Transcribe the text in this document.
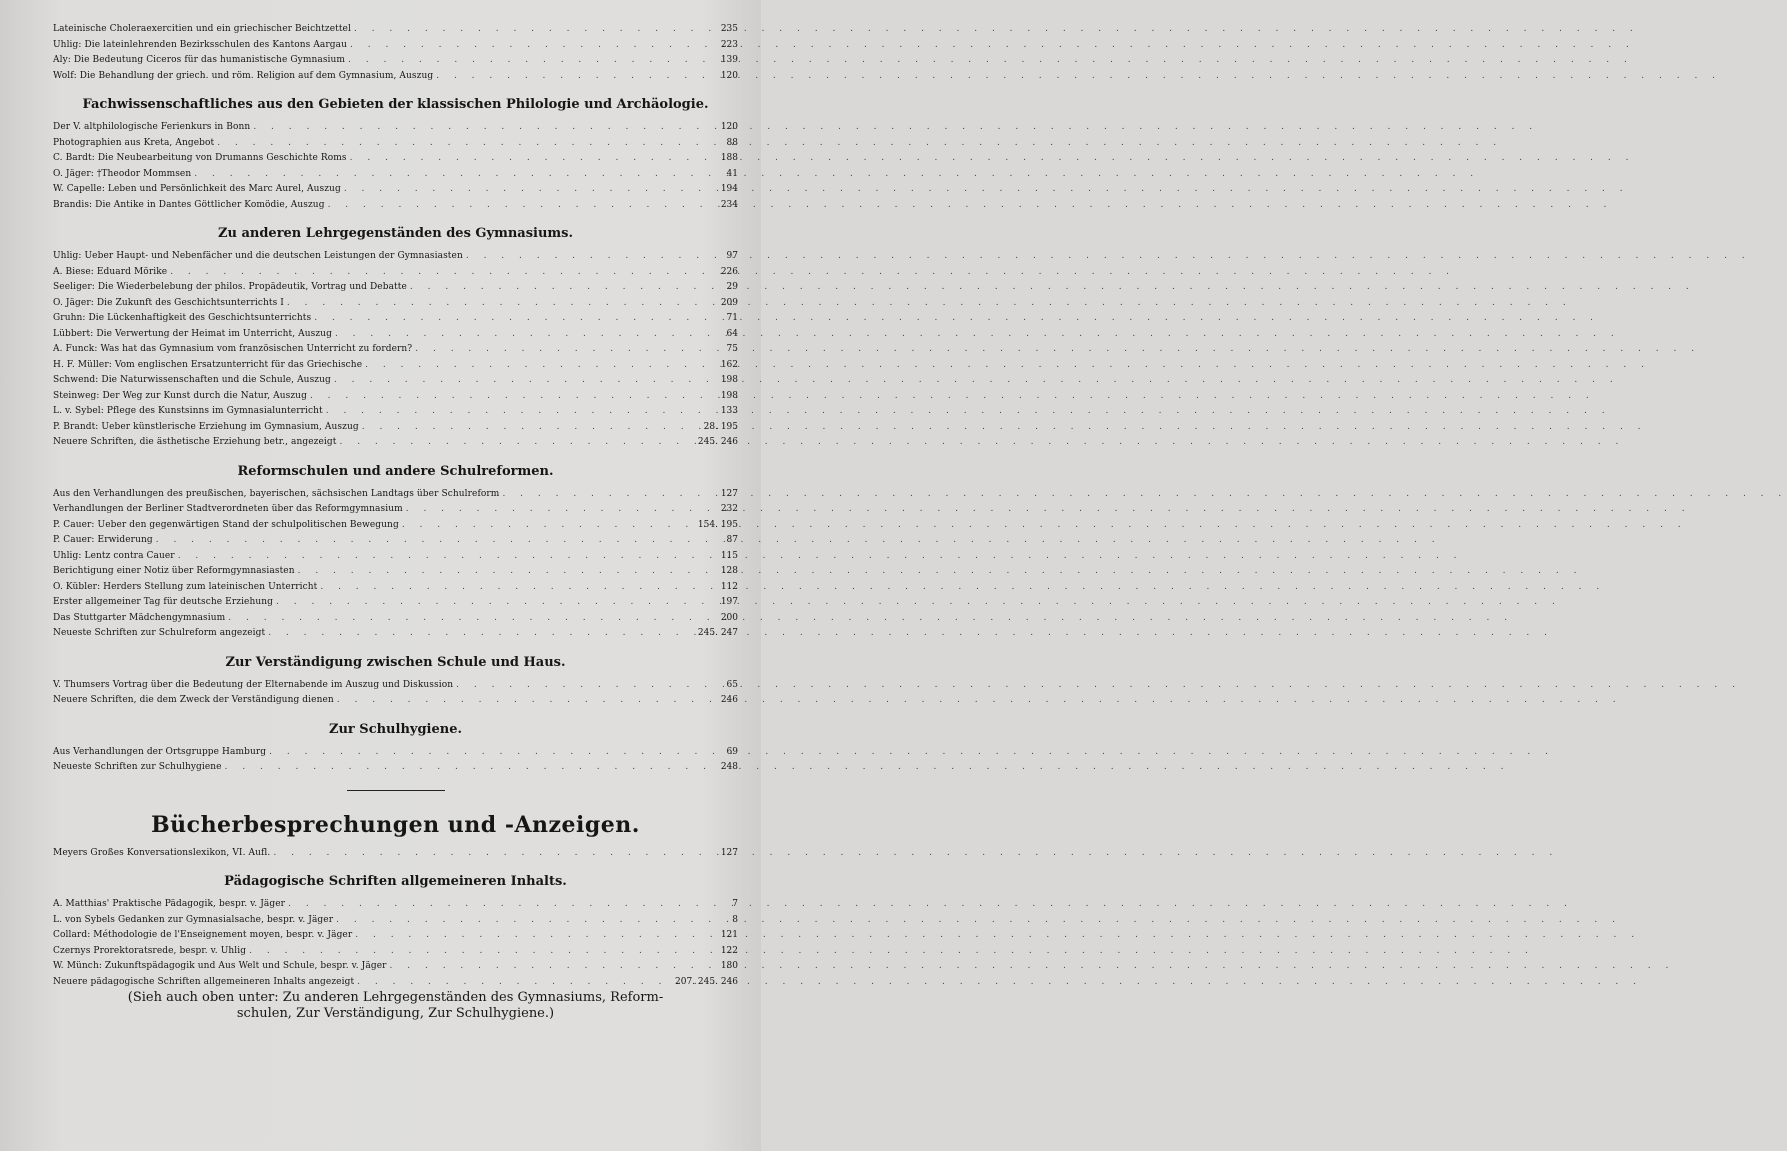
Lateinische Choleraexercitien und ein griechischer Beichtzettel . . .	235
Uhlig: Die lateinlehrenden Bezirksschulen des Kantons Aargau . . .	223
Aly: Die Bedeutung Ciceros für das humanistische Gymnasium . . .	139
Wolf: Die Behandlung der griech. und röm. Religion auf dem Gymnasium, Auszug . . .	120
Fachwissenschaftliches aus den Gebieten der klassischen Philologie und Archäologie.
Der V. altphilologische Ferienkurs in Bonn . . .	120
Photographien aus Kreta, Angebot . . .	88
C. Bardt: Die Neubearbeitung von Drumanns Geschichte Roms . . .	188
O. Jäger: †Theodor Mommsen . . .	41
W. Capelle: Leben und Persönlichkeit des Marc Aurel, Auszug . . .	194
Brandis: Die Antike in Dantes Göttlicher Komödie, Auszug . . .	234
Zu anderen Lehrgegenständen des Gymnasiums.
Uhlig: Ueber Haupt- und Nebenfächer und die deutschen Leistungen der Gymnasiasten . . .	97
A. Biese: Eduard Mörike . . .	226
Seeliger: Die Wiederbelebung der philos. Propädeutik, Vortrag und Debatte . . .	29
O. Jäger: Die Zukunft des Geschichtsunterrichts I . . .	209
Gruhn: Die Lückenhaftigkeit des Geschichtsunterrichts . . .	71
Lübbert: Die Verwertung der Heimat im Unterricht, Auszug . . .	64
A. Funck: Was hat das Gymnasium vom französischen Unterricht zu fordern? . . .	75
H. F. Müller: Vom englischen Ersatzunterricht für das Griechische . . .	162
Schwend: Die Naturwissenschaften und die Schule, Auszug . . .	198
Steinweg: Der Weg zur Kunst durch die Natur, Auszug . . .	198
L. v. Sybel: Pflege des Kunstsinns im Gymnasialunterricht . . .	133
P. Brandt: Ueber künstlerische Erziehung im Gymnasium, Auszug . . .	28. 195
Neuere Schriften, die ästhetische Erziehung betr., angezeigt . . .	245. 246
Reformschulen und andere Schulreformen.
Aus den Verhandlungen des preußischen, bayerischen, sächsischen Landtags über Schulreform . . .	127
Verhandlungen der Berliner Stadtverordneten über das Reformgymnasium . . .	232
P. Cauer: Ueber den gegenwärtigen Stand der schulpolitischen Bewegung . . .	154. 195
P. Cauer: Erwiderung . . .	87
Uhlig: Lentz contra Cauer . . .	115
Berichtigung einer Notiz über Reformgymnasiasten . . .	128
O. Kübler: Herders Stellung zum lateinischen Unterricht . . .	112
Erster allgemeiner Tag für deutsche Erziehung . . .	197
Das Stuttgarter Mädchengymnasium . . .	200
Neueste Schriften zur Schulreform angezeigt . . .	245. 247
Zur Verständigung zwischen Schule und Haus.
V. Thumsers Vortrag über die Bedeutung der Elternabende im Auszug und Diskussion . . .	65
Neuere Schriften, die dem Zweck der Verständigung dienen . . .	246
Zur Schulhygiene.
Aus Verhandlungen der Ortsgruppe Hamburg . . .	69
Neueste Schriften zur Schulhygiene . . .	248
Bücherbesprechungen und -Anzeigen.
Meyers Großes Konversationslexikon, VI. Aufl. . . .	127
Pädagogische Schriften allgemeineren Inhalts.
A. Matthias' Praktische Pädagogik, bespr. v. Jäger . . .	7
L. von Sybels Gedanken zur Gymnasialsache, bespr. v. Jäger . . .	8
Collard: Méthodologie de l'Enseignement moyen, bespr. v. Jäger . . .	121
Czernys Prorektoratsrede, bespr. v. Uhlig . . .	122
W. Münch: Zukunftspädagogik und Aus Welt und Schule, bespr. v. Jäger . . .	180
Neuere pädagogische Schriften allgemeineren Inhalts angezeigt . . .	207. 245. 246
(Sieh auch oben unter: Zu anderen Lehrgegenständen des Gymnasiums, Reform-
schulen, Zur Verständigung, Zur Schulhygiene.)
